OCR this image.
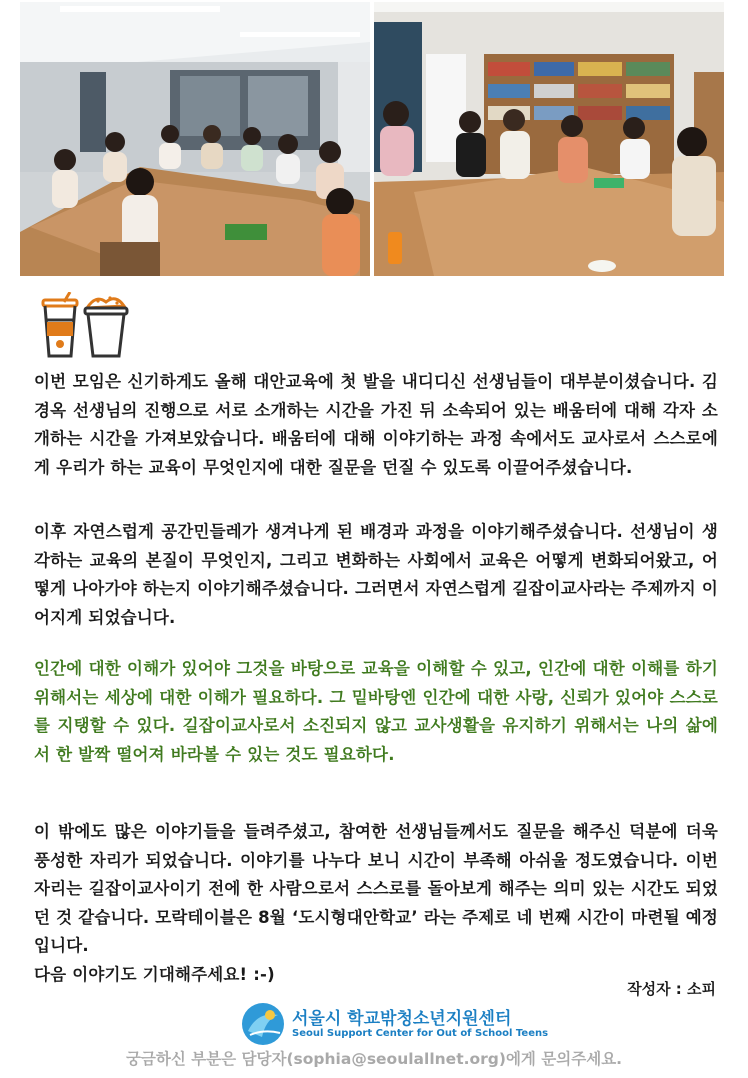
이번 모임은 신기하게도 올해 대안교육에 첫 발을 내디디신 선생님들이 대부분이셨습니다. 김경옥 선생님의 진행으로 서로 소개하는 시간을 가진 뒤 소속되어 있는 배움터에 대해 각자 소개하는 시간을 가져보았습니다. 배움터에 대해 이야기하는 과정 속에서도 교사로서 스스로에게 우리가 하는 교육이 무엇인지에 대한 질문을 던질 수 있도록 이끌어주셨습니다.

이후 자연스럽게 공간민들레가 생겨나게 된 배경과 과정을 이야기해주셨습니다. 선생님이 생각하는 교육의 본질이 무엇인지, 그리고 변화하는 사회에서 교육은 어떻게 변화되어왔고, 어떻게 나아가야 하는지 이야기해주셨습니다. 그러면서 자연스럽게 길잡이교사라는 주제까지 이어지게 되었습니다.

인간에 대한 이해가 있어야 그것을 바탕으로 교육을 이해할 수 있고, 인간에 대한 이해를 하기 위해서는 세상에 대한 이해가 필요하다. 그 밑바탕엔 인간에 대한 사랑, 신뢰가 있어야 스스로를 지탱할 수 있다. 길잡이교사로서 소진되지 않고 교사생활을 유지하기 위해서는 나의 삶에서 한 발짝 떨어져 바라볼 수 있는 것도 필요하다.

이 밖에도 많은 이야기들을 들려주셨고, 참여한 선생님들께서도 질문을 해주신 덕분에 더욱 풍성한 자리가 되었습니다. 이야기를 나누다 보니 시간이 부족해 아쉬울 정도였습니다. 이번 자리는 길잡이교사이기 전에 한 사람으로서 스스로를 돌아보게 해주는 의미 있는 시간도 되었던 것 같습니다. 모락테이블은 8월 ‘도시형대안학교’ 라는 주제로 네 번째 시간이 마련될 예정입니다.
다음 이야기도 기대해주세요! :-)
작성자 : 소피
서울시 학교밖청소년지원센터
Seoul Support Center for Out of School Teens
궁금하신 부분은 담당자(sophia@seoulallnet.org)에게 문의주세요.
